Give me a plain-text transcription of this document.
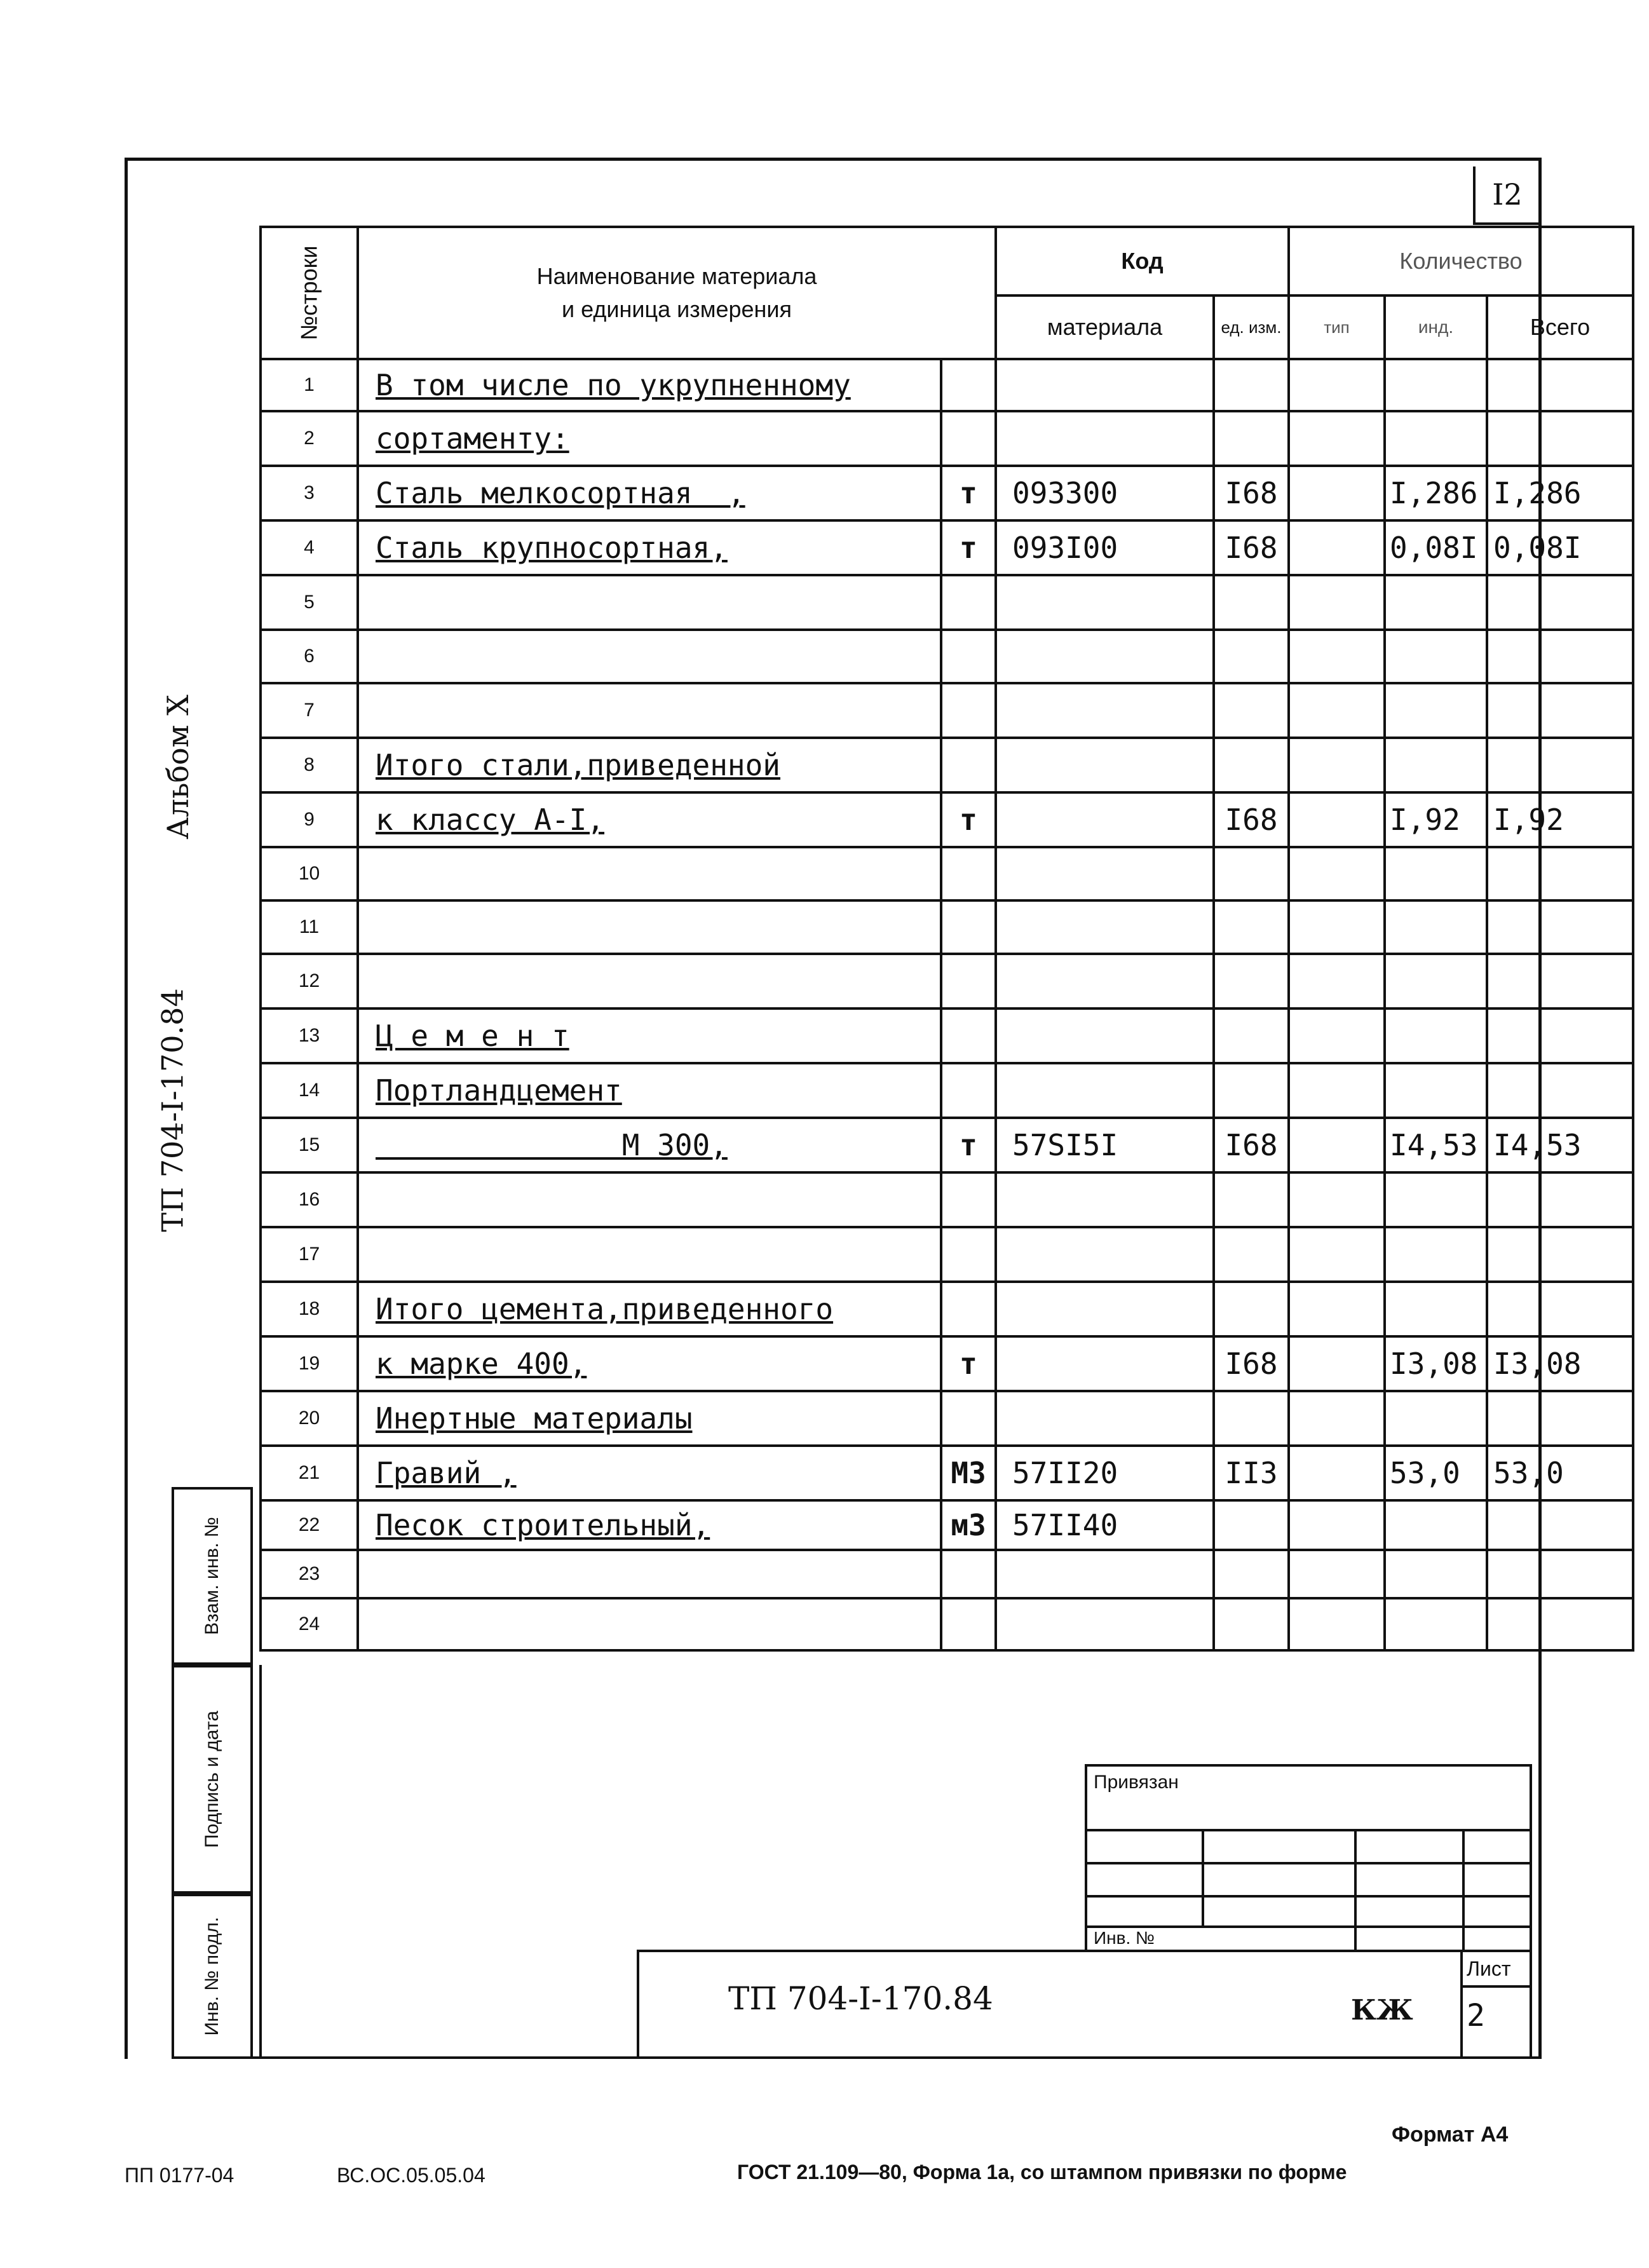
I2
Альбом X
ТП 704-I-170.84
№строки	Наименование материала
и единица измерения		Код		Количество		
			материала	ед. изм.	тип	инд.	Всего
1	В том числе по укрупненному						
2	сортаменту:						
3	Сталь мелкосортная  ,	т	093300	I68		I,286	I,286
4	Сталь крупносортная,	т	093I00	I68		0,08I	0,08I
5							
6							
7							
8	Итого стали,приведенной						
9	к классу А-I,	т		I68		I,92	I,92
10							
11							
12							
13	Ц е м е н т						
14	Портландцемент						
15	М 300,	т	57SI5I	I68		I4,53	I4,53
16							
17							
18	Итого цемента,приведенного						
19	к марке 400,	т		I68		I3,08	I3,08
20	Инертные материалы						
21	Гравий ,	М3	57II20	II3		53,0	53,0
22	Песок строительный,	м3	57II40				
23							
24							
Взам. инв. №
Подпись и дата
Инв. № подл.
Привязан
Инв. №
ТП 704-I-170.84	КЖ
Лист
2
Формат А4
ПП 0177-04	ВС.ОС.05.05.04	ГОСТ 21.109—80, Форма 1а, со штампом привязки по форме
